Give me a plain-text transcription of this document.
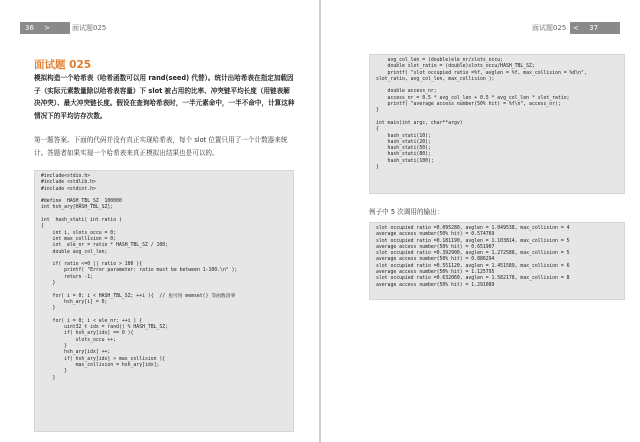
36 >	面试题025
面试题 025
模拟构造一个哈希表（哈希函数可以用 rand(seed) 代替）。统计出哈希表在指定加载因子（实际元素数量除以哈希表容量）下 slot 被占用的比率、冲突链平均长度（用链表解决冲突）、最大冲突链长度。假设在查询哈希表时，一半元素命中，一半不命中，计算这种情况下的平均访存次数。
第一题答案。下面的代码并没有真正实现哈希表，每个 slot 位置只用了一个计数器来统计。答题者如果实现一个哈希表来真正模拟出结果也是可以的。
#include<stdio.h>
#include <stdlib.h>
#include <stdint.h>

#define  HASH_TBL_SZ  100000
int hsh_ary[HASH_TBL_SZ];

int  hash_stati( int ratio )
{
int i, slots_occu = 0;
int max_collision = 0;
int  ele_nr = ratio * HASH_TBL_SZ / 100;
double avg_col_len;

if( ratio <=0 || ratio > 100 ){
printf( "Error parameter: ratio must be between 1-100.\n" );
return -1;
}

for( i = 0; i < HASH_TBL_SZ; ++i ){  // 也可用 memset() 等函数清零
hsh_ary[i] = 0;
}

for( i = 0; i < ele_nr; ++i ) {
uint32_t idx = rand() % HASH_TBL_SZ;
if( hsh_ary[idx] == 0 ){
slots_occu ++;
}
hsh_ary[idx] ++;
if( hsh_ary[idx] > max_collision ){
max_collision = hsh_ary[idx];
}
}
面试题025 < 37
avg_col_len = (double)ele_nr/slots_occu;
double slot_ratio = (double)slots_occu/HASH_TBL_SZ;
printf( "slot occupied ratio =%f, avglen = %f, max_collision = %d\n",
slot_ratio, avg_col_len, max_collision );

double access_nr;
access_nr = 0.5 * avg_col_len + 0.5 * avg_col_len * slot_ratio;
printf( "average access number(50% hit) = %f\n", access_nr);
}

int main(int argc, char**argv)
{
hash_stati(10);
hash_stati(20);
hash_stati(50);
hash_stati(80);
hash_stati(100);
}
例子中 5 次调用的输出：
slot occupied ratio =0.095280, avglen = 1.049538, max_collision = 4
average access number(50% hit) = 0.574769
slot occupied ratio =0.181190, avglen = 1.103814, max_collision = 5
average access number(50% hit) = 0.651907
slot occupied ratio =0.392900, avglen = 1.272588, max_collision = 5
average access number(50% hit) = 0.886294
slot occupied ratio =0.551120, avglen = 1.451589, max_collision = 6
average access number(50% hit) = 1.125795
slot occupied ratio =0.632060, avglen = 1.582178, max_collision = 8
average access number(50% hit) = 1.291089
